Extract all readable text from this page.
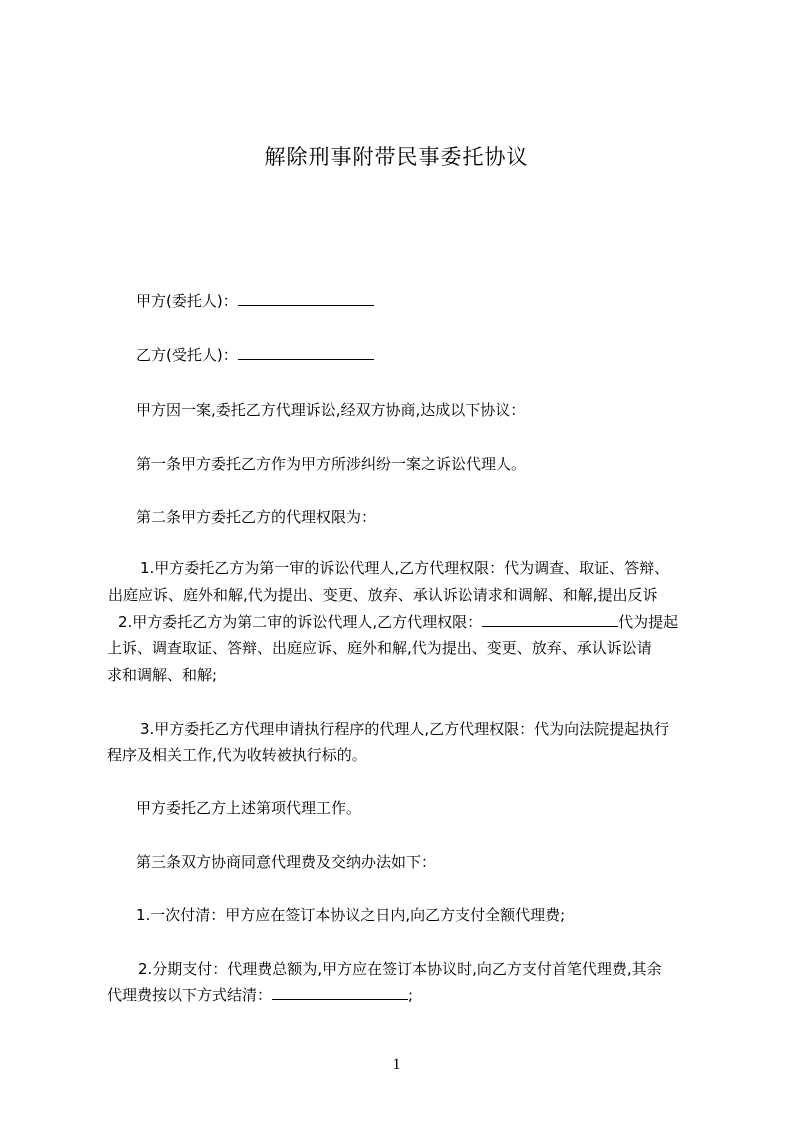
解除刑事附带民事委托协议
甲方(委托人)：
乙方(受托人)：
甲方因一案,委托乙方代理诉讼,经双方协商,达成以下协议：
第一条甲方委托乙方作为甲方所涉纠纷一案之诉讼代理人。
第二条甲方委托乙方的代理权限为：
1.甲方委托乙方为第一审的诉讼代理人,乙方代理权限：代为调查、取证、答辩、
出庭应诉、庭外和解,代为提出、变更、放弃、承认诉讼请求和调解、和解,提出反诉
2.甲方委托乙方为第二审的诉讼代理人,乙方代理权限：	代为提起
上诉、调查取证、答辩、出庭应诉、庭外和解,代为提出、变更、放弃、承认诉讼请
求和调解、和解;
3.甲方委托乙方代理申请执行程序的代理人,乙方代理权限：代为向法院提起执行
程序及相关工作,代为收转被执行标的。
甲方委托乙方上述第项代理工作。
第三条双方协商同意代理费及交纳办法如下：
1.一次付清：甲方应在签订本协议之日内,向乙方支付全额代理费;
2.分期支付：代理费总额为,甲方应在签订本协议时,向乙方支付首笔代理费,其余
代理费按以下方式结清：	;
1
